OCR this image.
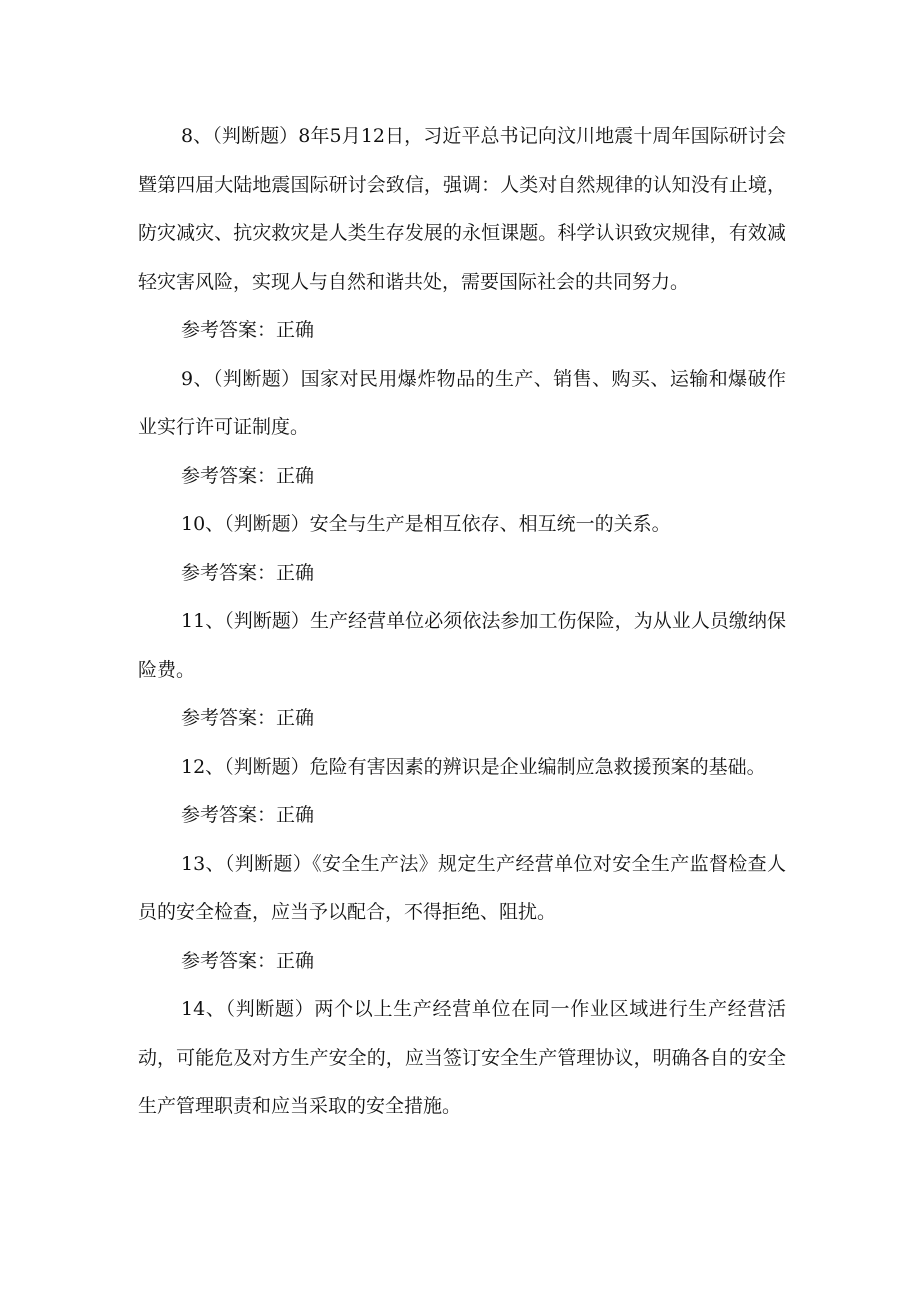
8、（判断题）8年5月12日，习近平总书记向汶川地震十周年国际研讨会暨第四届大陆地震国际研讨会致信，强调：人类对自然规律的认知没有止境，防灾减灾、抗灾救灾是人类生存发展的永恒课题。科学认识致灾规律，有效减轻灾害风险，实现人与自然和谐共处，需要国际社会的共同努力。

参考答案：正确

9、（判断题）国家对民用爆炸物品的生产、销售、购买、运输和爆破作业实行许可证制度。

参考答案：正确

10、（判断题）安全与生产是相互依存、相互统一的关系。

参考答案：正确

11、（判断题）生产经营单位必须依法参加工伤保险，为从业人员缴纳保险费。

参考答案：正确

12、（判断题）危险有害因素的辨识是企业编制应急救援预案的基础。

参考答案：正确

13、（判断题）《安全生产法》规定生产经营单位对安全生产监督检查人员的安全检查，应当予以配合，不得拒绝、阻扰。

参考答案：正确

14、（判断题）两个以上生产经营单位在同一作业区域进行生产经营活动，可能危及对方生产安全的，应当签订安全生产管理协议，明确各自的安全生产管理职责和应当采取的安全措施。
